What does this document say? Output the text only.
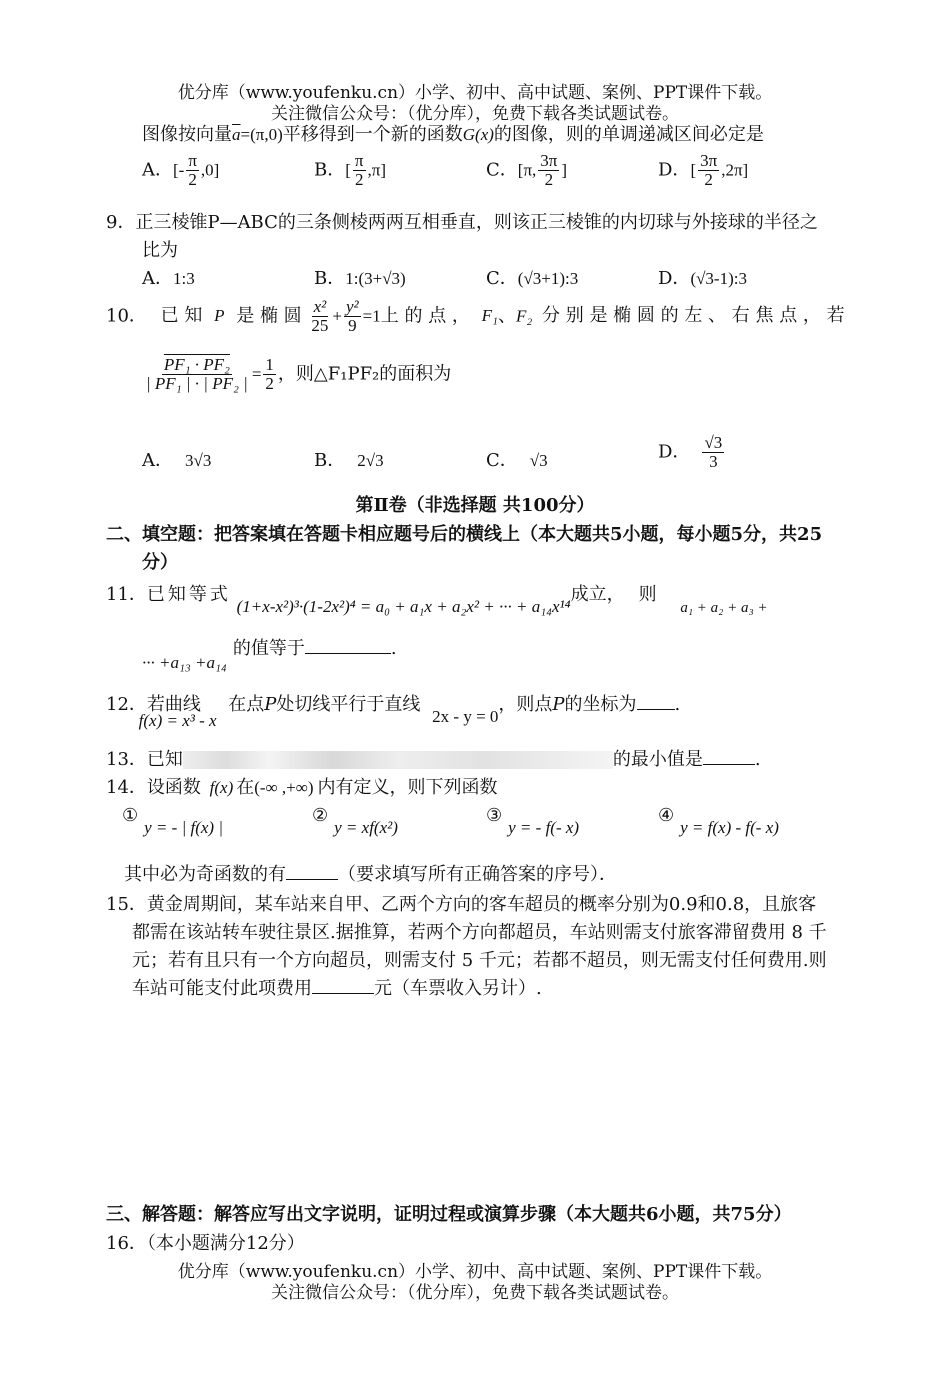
优分库（www.youfenku.cn）小学、初中、高中试题、案例、PPT课件下载。
关注微信公众号：（优分库），免费下载各类试题试卷。
图像按向量$\overline{a}=(\pi,0)$平移得到一个新的函数G(x)的图像，则的单调递减区间必定是
A．[- $\frac{\pi}{2} ,0$]	B．[ $\frac{\pi}{2} ,\pi$]	C．[π, $\frac{3\pi}{2}$ ]	D．[ $\frac{3\pi}{2} ,2\pi$]
9．正三棱锥P—ABC的三条侧棱两两互相垂直，则该正三棱锥的内切球与外接球的半径之
比为
A．1:3	B．1:(3+√3)	C．(√3+1):3	D．(√3-1):3
10． 已 知 P 是 椭 圆 $\frac{\text{x²}}{25} + \frac{\text{y²}}{9} =1$上 的 点 ， F₁、F₂ 分 别 是 椭 圆 的 左 、 右 焦 点 ， 若
$\frac{\text{PF₁ · PF₂}}{\text{| PF₁ | · | PF₂ |}} = \frac{1}{2}$ ，则△F₁PF₂的面积为
A． 3√3	B． 2√3	C． √3	D． $\frac{√3}{3}$
第Ⅱ卷（非选择题 共100分）
二、填空题：把答案填在答题卡相应题号后的横线上（本大题共5小题，每小题5分，共25
分）
11．已知等式 (1+x-x²)³·(1-2x²)⁴ = a₀ + a₁x + a₂x² + ··· + a₁₄x¹⁴成立， 则 $_{a_1 + a_2 + a_3 +}$
··· +a₁₃ +a₁₄的值等于	.
12．若曲线 f(x) = x³ - x 在点P处切线平行于直线 2x - y = 0，则点P的坐标为 .
13．已知	的最小值是	.
14．设函数 f(x) 在(-∞ ,+∞) 内有定义，则下列函数
①y = - | f(x) |
②y = xf(x²)
③y = - f(- x)
④y = f(x) - f(- x)
其中必为奇函数的有	（要求填写所有正确答案的序号）．
15．黄金周期间，某车站来自甲、乙两个方向的客车超员的概率分别为0.9和0.8，且旅客
都需在该站转车驶往景区.据推算，若两个方向都超员，车站则需支付旅客滞留费用 8 千
元；若有且只有一个方向超员，则需支付 5 千元；若都不超员，则无需支付任何费用.则
车站可能支付此项费用	元（车票收入另计）.
三、解答题：解答应写出文字说明，证明过程或演算步骤（本大题共6小题，共75分）
16．（本小题满分12分）
优分库（www.youfenku.cn）小学、初中、高中试题、案例、PPT课件下载。
关注微信公众号：（优分库），免费下载各类试题试卷。
